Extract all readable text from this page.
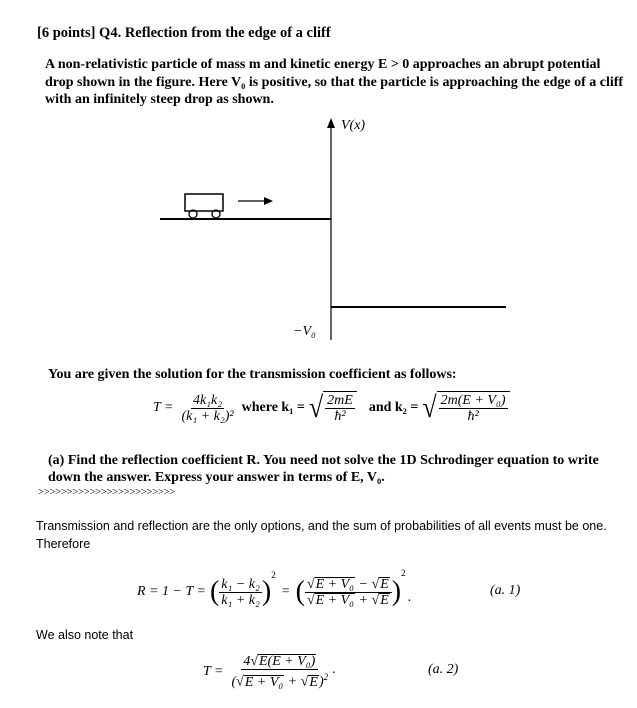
[6 points] Q4. Reflection from the edge of a cliff
A non-relativistic particle of mass m and kinetic energy E > 0 approaches an abrupt potential
drop shown in the figure. Here V₀ is positive, so that the particle is approaching the edge of a cliff
with an infinitely steep drop as shown.
V(x)
−V₀
You are given the solution for the transmission coefficient as follows:
$T = \frac{\text{4k₁k₂}}{\text{(k₁ + k₂)²}}$ where k₁ = √ $\frac{2mE}{\text{ħ²}}$ and k₂ = √ $\frac{\text{2m(E + V₀)}}{\text{ħ²}}$
(a) Find the reflection coefficient R. You need not solve the 1D Schrodinger equation to write
down the answer. Express your answer in terms of E, V₀.
>>>>>>>>>>>>>>>>>>>>>>>>
Transmission and reflection are the only options, and the sum of probabilities of all events must be one.
Therefore
R = 1 − T = ( $\frac{\text{k₁ − k₂}}{\text{k₁ + k₂}}$ )
2
= ( $\frac{\text{√E + V₀ − √E}}{\text{√E + V₀ + √E}}$ )
2
.	(a. 1)
We also note that
$T = \frac{\text{4√E(E + V₀)}}{(√E + V_0 + √E)^2}$ .	(a. 2)
